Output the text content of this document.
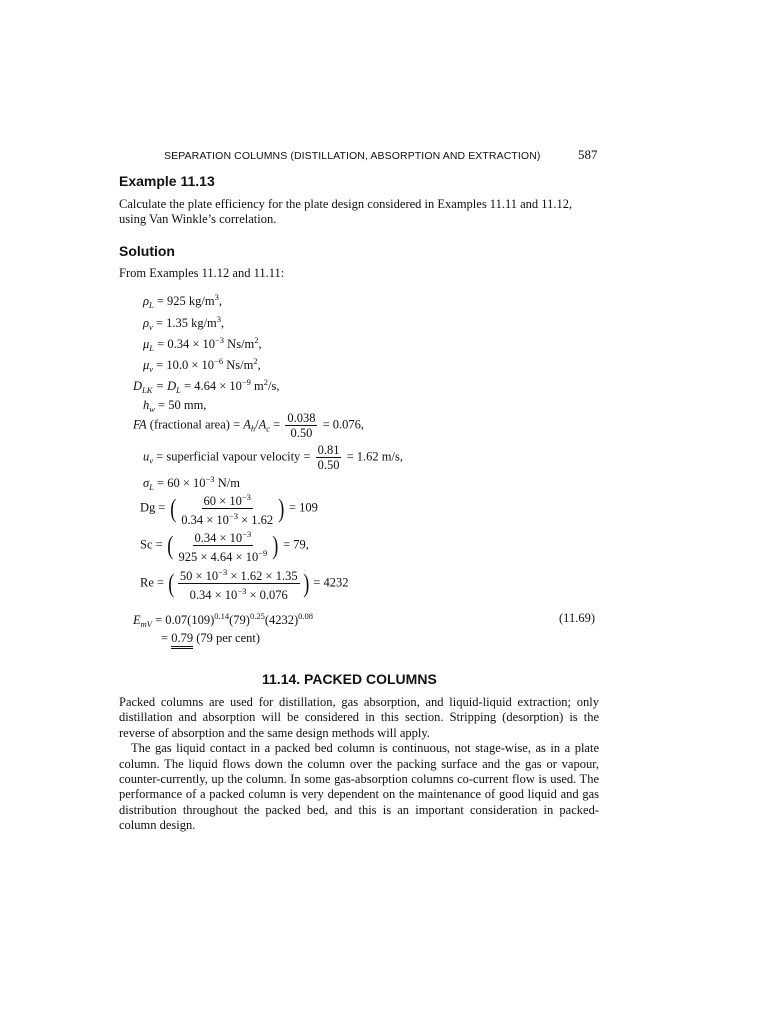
SEPARATION COLUMNS (DISTILLATION, ABSORPTION AND EXTRACTION)	587
Example 11.13
Calculate the plate efficiency for the plate design considered in Examples 11.11 and 11.12,
using Van Winkle’s correlation.
Solution
From Examples 11.12 and 11.11:
$\rho_L = 925$ $kg/m^3$,
$\rho_v = 1.35$ $kg/m^3$,
$\mu_L = 0.34 \times 10^{-3}$ $Ns/m^2$,
$\mu_v = 10.0 \times 10^{-6}$ $Ns/m^2$,
$D_{LK} = D_L = 4.64 \times 10^{-9}$ $m^2/s$,
$h_w = 50$ mm,
FA (fractional area) = $A_h/A_c = \frac{0.038}{0.50} = 0.076$,
$u_v$ = superficial vapour velocity = $\frac{0.81}{0.50} = 1.62$ m/s,
$\sigma_L = 60 \times 10^{-3}$ N/m
Dg = ( $\frac{60 \times 10^{-3}}{0.34 \times 10^{-3} \times 1.62}$ ) = 109
Sc = ( $\frac{0.34 \times 10^{-3}}{925 \times 4.64 \times 10^{-9}}$ ) = 79,
Re = ( $\frac{50 \times 10^{-3} \times 1.62 \times 1.35}{0.34 \times 10^{-3} \times 0.076}$ ) = 4232
$E_{mV} = 0.07(109)^{0.14}(79)^{0.25}(4232)^{0.08}$	(11.69)
= 0.79 (79 per cent)
11.14. PACKED COLUMNS

Packed columns are used for distillation, gas absorption, and liquid-liquid extraction; only distillation and absorption will be considered in this section. Stripping (desorption) is the reverse of absorption and the same design methods will apply.

The gas liquid contact in a packed bed column is continuous, not stage-wise, as in a plate column. The liquid flows down the column over the packing surface and the gas or vapour, counter-currently, up the column. In some gas-absorption columns co-current flow is used. The performance of a packed column is very dependent on the maintenance of good liquid and gas distribution throughout the packed bed, and this is an important consideration in packed-column design.
